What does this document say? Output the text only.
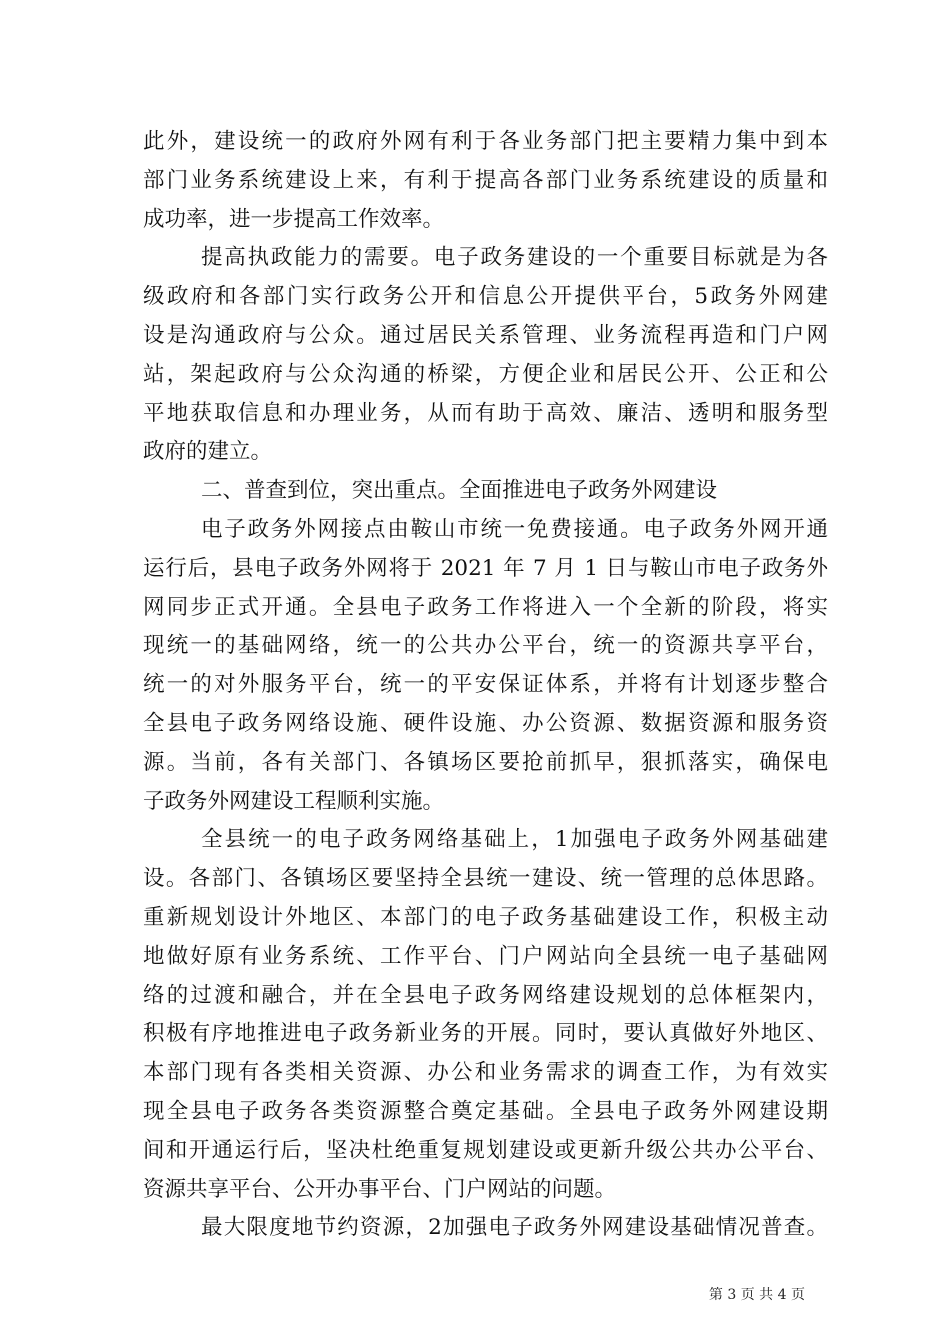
此外，建设统一的政府外网有利于各业务部门把主要精力集中到本
部门业务系统建设上来，有利于提高各部门业务系统建设的质量和
成功率，进一步提高工作效率。
提高执政能力的需要。电子政务建设的一个重要目标就是为各
级政府和各部门实行政务公开和信息公开提供平台，5政务外网建
设是沟通政府与公众。通过居民关系管理、业务流程再造和门户网
站，架起政府与公众沟通的桥梁，方便企业和居民公开、公正和公
平地获取信息和办理业务，从而有助于高效、廉洁、透明和服务型
政府的建立。
二、普查到位，突出重点。全面推进电子政务外网建设
电子政务外网接点由鞍山市统一免费接通。电子政务外网开通
运行后，县电子政务外网将于 2021 年 7 月 1 日与鞍山市电子政务外
网同步正式开通。全县电子政务工作将进入一个全新的阶段，将实
现统一的基础网络，统一的公共办公平台，统一的资源共享平台，
统一的对外服务平台，统一的平安保证体系，并将有计划逐步整合
全县电子政务网络设施、硬件设施、办公资源、数据资源和服务资
源。当前，各有关部门、各镇场区要抢前抓早，狠抓落实，确保电
子政务外网建设工程顺利实施。
全县统一的电子政务网络基础上，1加强电子政务外网基础建
设。各部门、各镇场区要坚持全县统一建设、统一管理的总体思路。
重新规划设计外地区、本部门的电子政务基础建设工作，积极主动
地做好原有业务系统、工作平台、门户网站向全县统一电子基础网
络的过渡和融合，并在全县电子政务网络建设规划的总体框架内，
积极有序地推进电子政务新业务的开展。同时，要认真做好外地区、
本部门现有各类相关资源、办公和业务需求的调查工作，为有效实
现全县电子政务各类资源整合奠定基础。全县电子政务外网建设期
间和开通运行后，坚决杜绝重复规划建设或更新升级公共办公平台、
资源共享平台、公开办事平台、门户网站的问题。
最大限度地节约资源，2加强电子政务外网建设基础情况普查。
第 3 页 共 4 页
